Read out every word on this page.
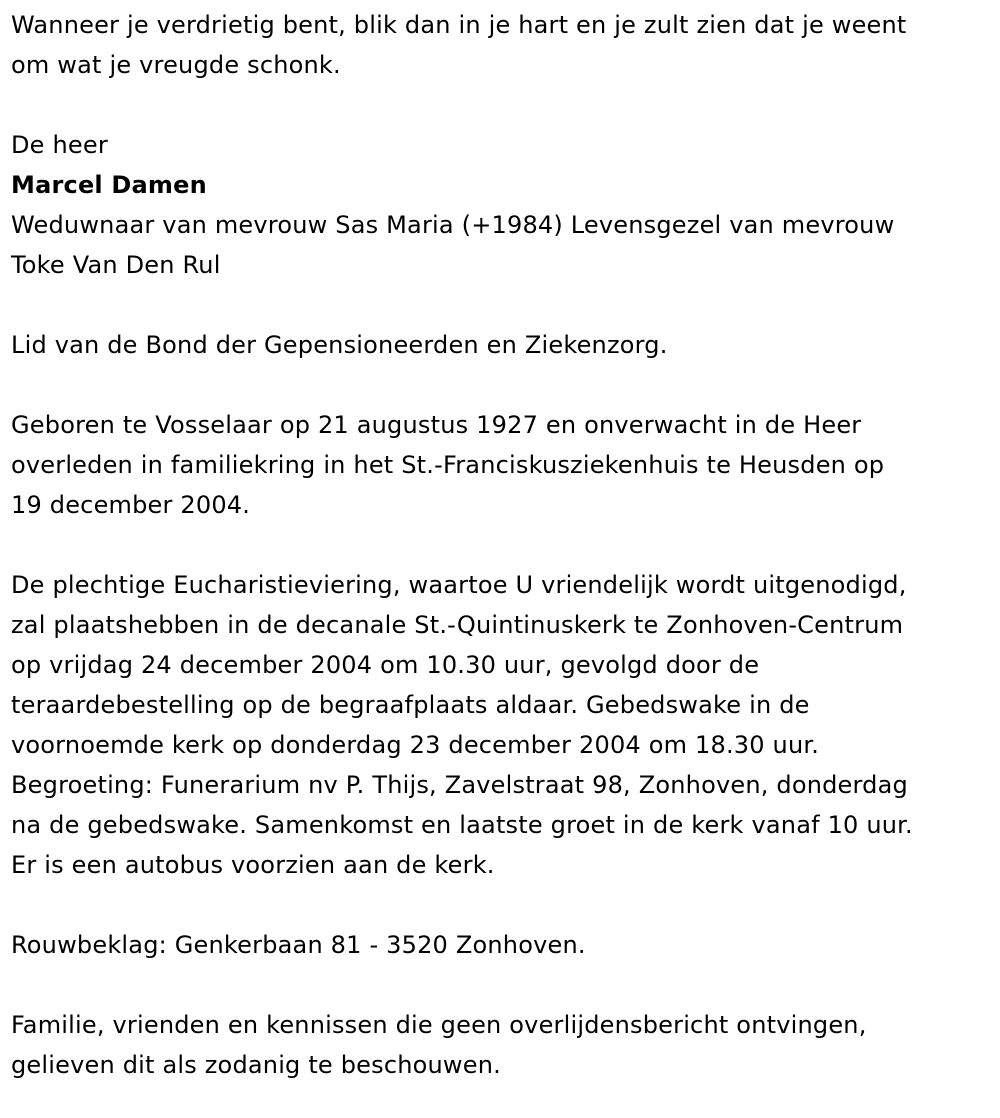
Wanneer je verdrietig bent, blik dan in je hart en je zult zien dat je weent
om wat je vreugde schonk.
De heer
Marcel Damen
Weduwnaar van mevrouw Sas Maria (+1984) Levensgezel van mevrouw
Toke Van Den Rul
Lid van de Bond der Gepensioneerden en Ziekenzorg.
Geboren te Vosselaar op 21 augustus 1927 en onverwacht in de Heer
overleden in familiekring in het St.-Franciskusziekenhuis te Heusden op
19 december 2004.
De plechtige Eucharistieviering, waartoe U vriendelijk wordt uitgenodigd,
zal plaatshebben in de decanale St.-Quintinuskerk te Zonhoven-Centrum
op vrijdag 24 december 2004 om 10.30 uur, gevolgd door de
teraardebestelling op de begraafplaats aldaar. Gebedswake in de
voornoemde kerk op donderdag 23 december 2004 om 18.30 uur.
Begroeting: Funerarium nv P. Thijs, Zavelstraat 98, Zonhoven, donderdag
na de gebedswake. Samenkomst en laatste groet in de kerk vanaf 10 uur.
Er is een autobus voorzien aan de kerk.
Rouwbeklag: Genkerbaan 81 - 3520 Zonhoven.
Familie, vrienden en kennissen die geen overlijdensbericht ontvingen,
gelieven dit als zodanig te beschouwen.
